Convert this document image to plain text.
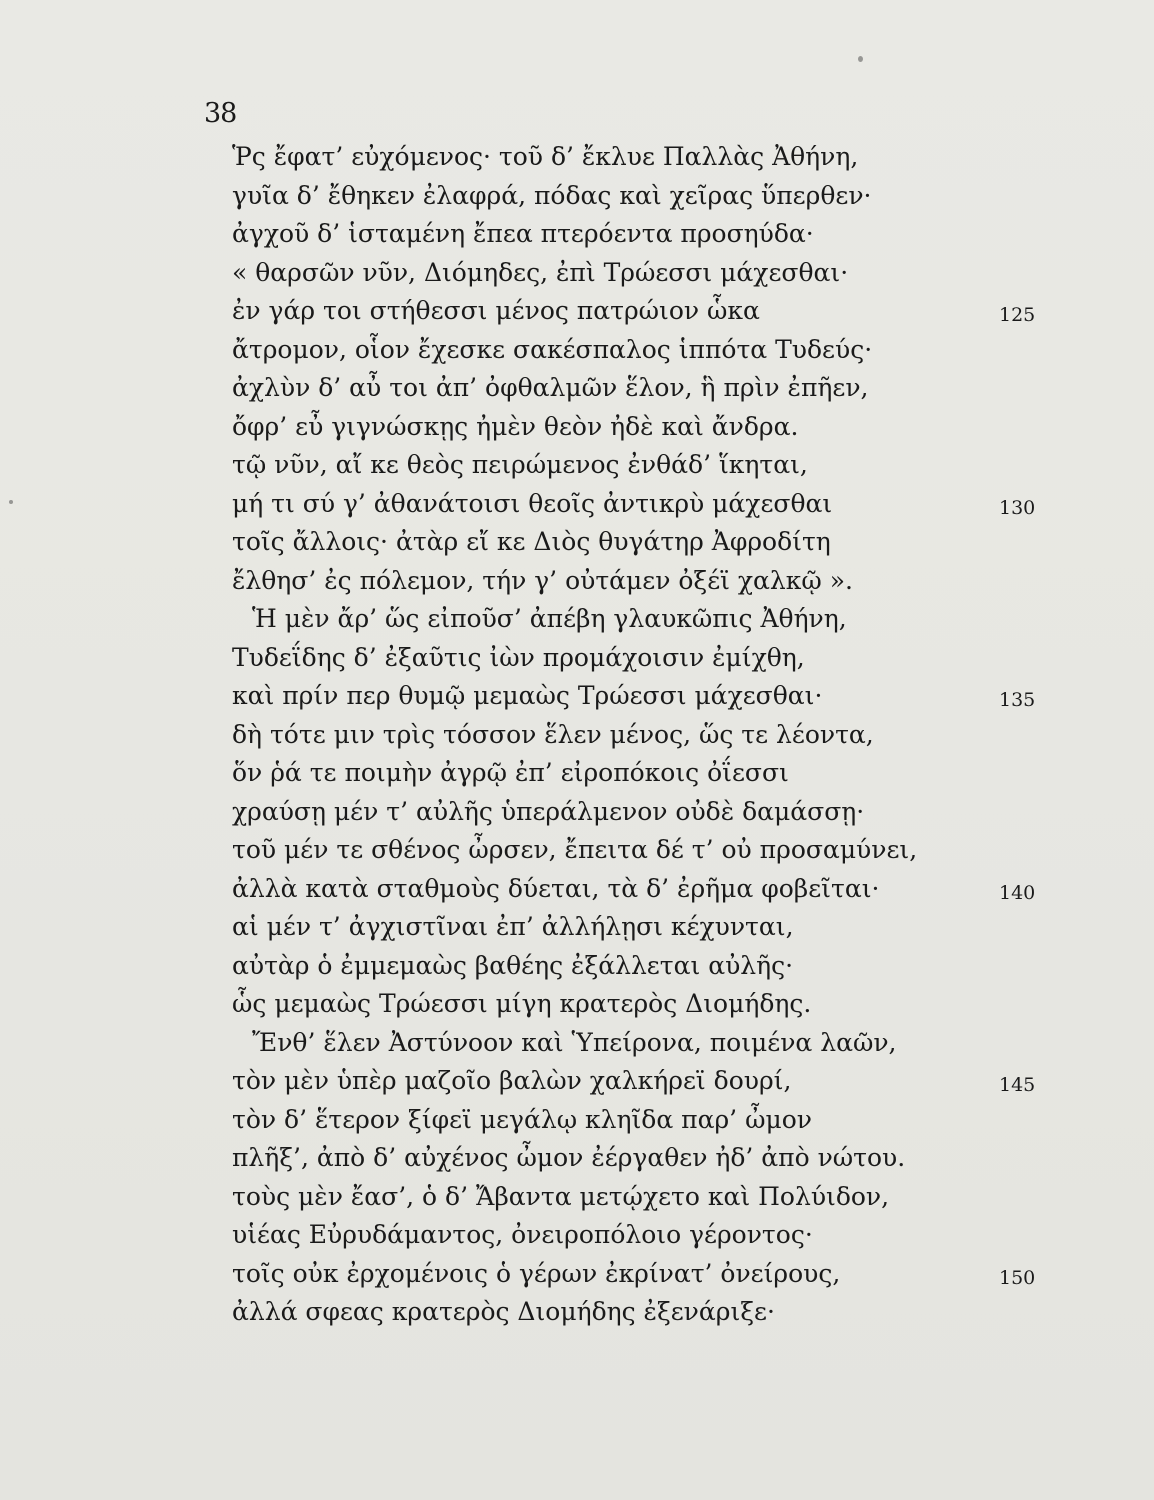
38
Ῥς ἔφατ’ εὐχόμενος· τοῦ δ’ ἔκλυε Παλλὰς Ἀθήνη,
γυῖα δ’ ἔθηκεν ἐλαφρά, πόδας καὶ χεῖρας ὕπερθεν·
ἀγχοῦ δ’ ἱσταμένη ἔπεα πτερόεντα προσηύδα·
« θαρσῶν νῦν, Διόμηδες, ἐπὶ Τρώεσσι μάχεσθαι·
ἐν γάρ τοι στήθεσσι μένος πατρώιον ὧκα	125
ἄτρομον, οἷον ἔχεσκε σακέσπαλος ἱππότα Τυδεύς·
ἀχλὺν δ’ αὖ τοι ἀπ’ ὀφθαλμῶν ἕλον, ἣ πρὶν ἐπῆεν,
ὄφρ’ εὖ γιγνώσκῃς ἠμὲν θεὸν ἠδὲ καὶ ἄνδρα.
τῷ νῦν, αἴ κε θεὸς πειρώμενος ἐνθάδ’ ἵκηται,
μή τι σύ γ’ ἀθανάτοισι θεοῖς ἀντικρὺ μάχεσθαι	130
τοῖς ἄλλοις· ἀτὰρ εἴ κε Διὸς θυγάτηρ Ἀφροδίτη
ἔλθησ’ ἐς πόλεμον, τήν γ’ οὐτάμεν ὀξέϊ χαλκῷ ».
Ἡ μὲν ἄρ’ ὥς εἰποῦσ’ ἀπέβη γλαυκῶπις Ἀθήνη,
Τυδεΐδης δ’ ἐξαῦτις ἰὼν προμάχοισιν ἐμίχθη,
καὶ πρίν περ θυμῷ μεμαὼς Τρώεσσι μάχεσθαι·	135
δὴ τότε μιν τρὶς τόσσον ἕλεν μένος, ὥς τε λέοντα,
ὅν ῥά τε ποιμὴν ἀγρῷ ἐπ’ εἰροπόκοις ὀΐεσσι
χραύσῃ μέν τ’ αὐλῆς ὑπεράλμενον οὐδὲ δαμάσσῃ·
τοῦ μέν τε σθένος ὦρσεν, ἔπειτα δέ τ’ οὐ προσαμύνει,
ἀλλὰ κατὰ σταθμοὺς δύεται, τὰ δ’ ἐρῆμα φοβεῖται·	140
αἱ μέν τ’ ἀγχιστῖναι ἐπ’ ἀλλήλῃσι κέχυνται,
αὐτὰρ ὁ ἐμμεμαὼς βαθέης ἐξάλλεται αὐλῆς·
ὧς μεμαὼς Τρώεσσι μίγη κρατερὸς Διομήδης.
Ἔνθ’ ἕλεν Ἀστύνοον καὶ Ὑπείρονα, ποιμένα λαῶν,
τὸν μὲν ὑπὲρ μαζοῖο βαλὼν χαλκήρεϊ δουρί,	145
τὸν δ’ ἕτερον ξίφεϊ μεγάλῳ κληῖδα παρ’ ὦμον
πλῆξ’, ἀπὸ δ’ αὐχένος ὦμον ἐέργαθεν ἠδ’ ἀπὸ νώτου.
τοὺς μὲν ἔασ’, ὁ δ’ Ἄβαντα μετῴχετο καὶ Πολύιδον,
υἱέας Εὐρυδάμαντος, ὀνειροπόλοιο γέροντος·
τοῖς οὐκ ἐρχομένοις ὁ γέρων ἐκρίνατ’ ὀνείρους,	150
ἀλλά σφεας κρατερὸς Διομήδης ἐξενάριξε·
